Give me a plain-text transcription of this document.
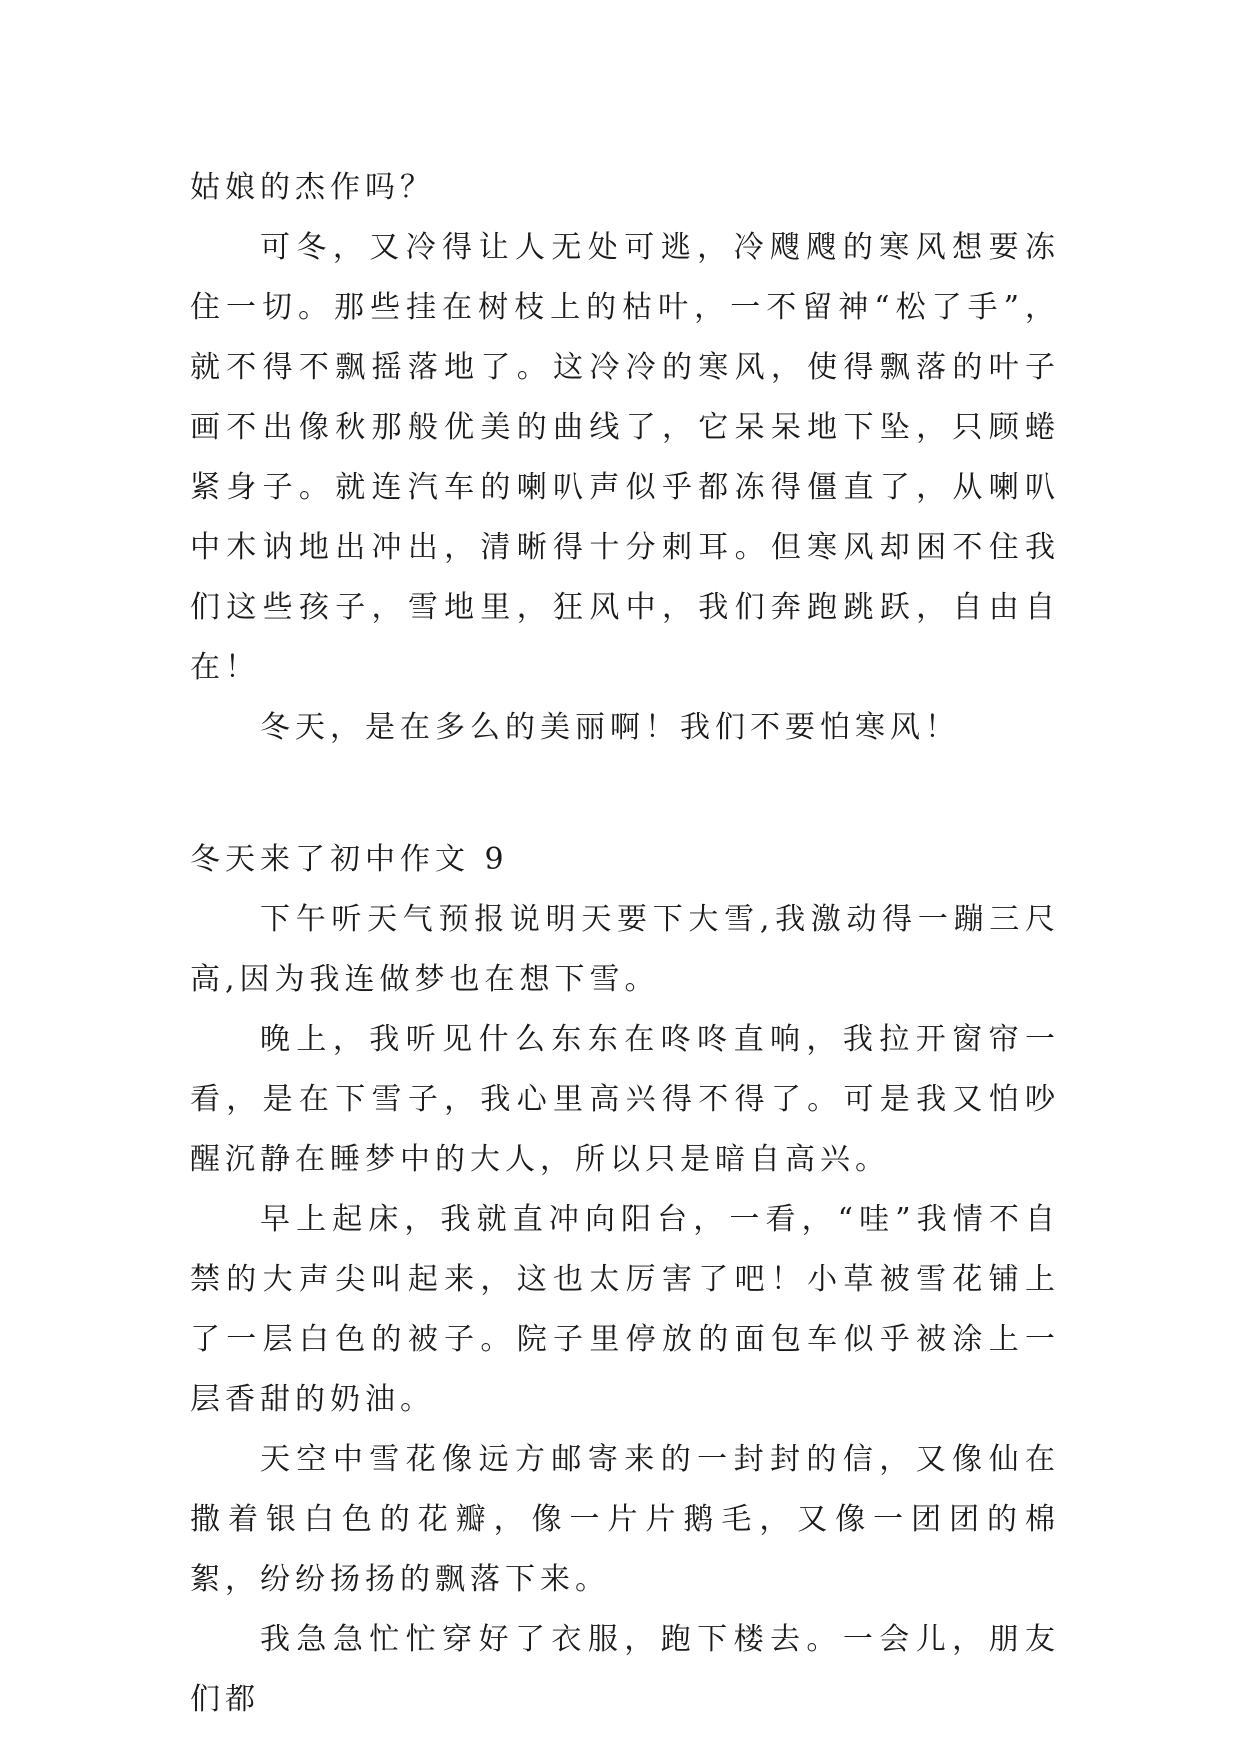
姑娘的杰作吗？

可冬，又冷得让人无处可逃，冷飕飕的寒风想要冻住一切。那些挂在树枝上的枯叶，一不留神“松了手”，就不得不飘摇落地了。这冷冷的寒风，使得飘落的叶子画不出像秋那般优美的曲线了，它呆呆地下坠，只顾蜷紧身子。就连汽车的喇叭声似乎都冻得僵直了，从喇叭中木讷地出冲出，清晰得十分刺耳。但寒风却困不住我们这些孩子，雪地里，狂风中，我们奔跑跳跃，自由自在！

冬天，是在多么的美丽啊！我们不要怕寒风！

冬天来了初中作文 9

下午听天气预报说明天要下大雪,我激动得一蹦三尺高,因为我连做梦也在想下雪。

晚上，我听见什么东东在咚咚直响，我拉开窗帘一看，是在下雪子，我心里高兴得不得了。可是我又怕吵醒沉静在睡梦中的大人，所以只是暗自高兴。

早上起床，我就直冲向阳台，一看，“哇”我情不自禁的大声尖叫起来，这也太厉害了吧！小草被雪花铺上了一层白色的被子。院子里停放的面包车似乎被涂上一层香甜的奶油。

天空中雪花像远方邮寄来的一封封的信，又像仙在撒着银白色的花瓣，像一片片鹅毛，又像一团团的棉絮，纷纷扬扬的飘落下来。

我急急忙忙穿好了衣服，跑下楼去。一会儿，朋友们都
